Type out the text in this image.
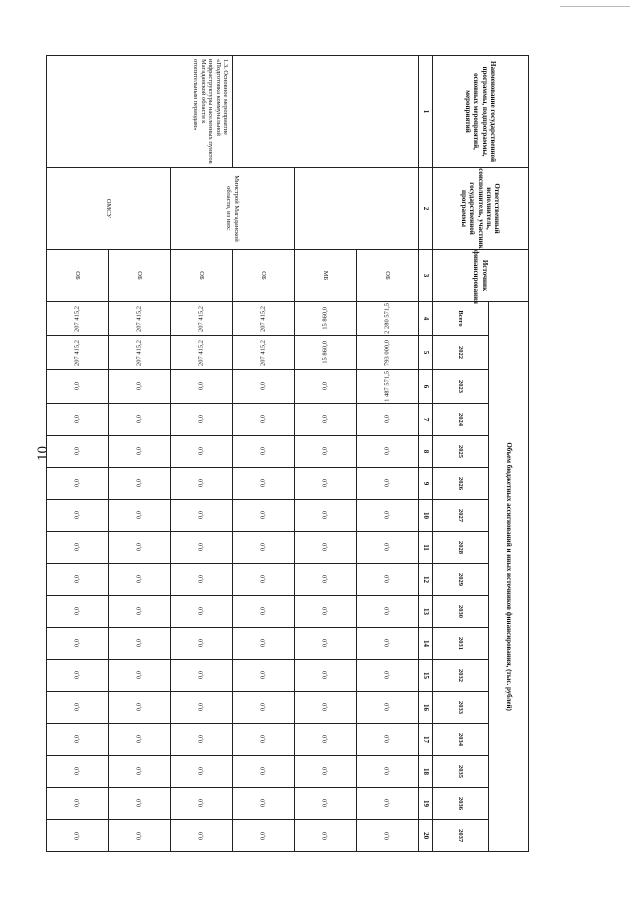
10
Наименование государственной программы, подпрограммы, основных мероприятий, мероприятий	Ответственный исполнитель, соисполнитель, участник государственной программы	Источник финансирования	Объем бюджетных ассигнований и иных источников финансирования, (тыс. рублей)																
			Всего	2022	2023	2024	2025	2026	2027	2028	2029	2030	2031	2032	2033	2034	2035	2036	2037
1	2	3	4	5	6	7	8	9	10	11	12	13	14	15	16	17	18	19	20
		ОБ	2 280 571,5	793 000,0	1 487 571,5	0,0	0,0	0,0	0,0	0,0	0,0	0,0	0,0	0,0	0,0	0,0	0,0	0,0	0,0
		МБ	15 860,0	15 860,0	0,0	0,0	0,0	0,0	0,0	0,0	0,0	0,0	0,0	0,0	0,0	0,0	0,0	0,0	0,0
	Минстрой Магаданской области, из них:	ОБ	207 415,2	207 415,2	0,0	0,0	0,0	0,0	0,0	0,0	0,0	0,0	0,0	0,0	0,0	0,0	0,0	0,0	0,0
1.3. Основное мероприятие «Подготовка коммунальной инфраструктуры населенных пунктов Магаданской области к отопительным периодам»		ОБ	207 415,2	207 415,2	0,0	0,0	0,0	0,0	0,0	0,0	0,0	0,0	0,0	0,0	0,0	0,0	0,0	0,0	0,0
	ОМСУ	ОБ	207 415,2	207 415,2	0,0	0,0	0,0	0,0	0,0	0,0	0,0	0,0	0,0	0,0	0,0	0,0	0,0	0,0	0,0
		ОБ	207 415,2	207 415,2	0,0	0,0	0,0	0,0	0,0	0,0	0,0	0,0	0,0	0,0	0,0	0,0	0,0	0,0	0,0
